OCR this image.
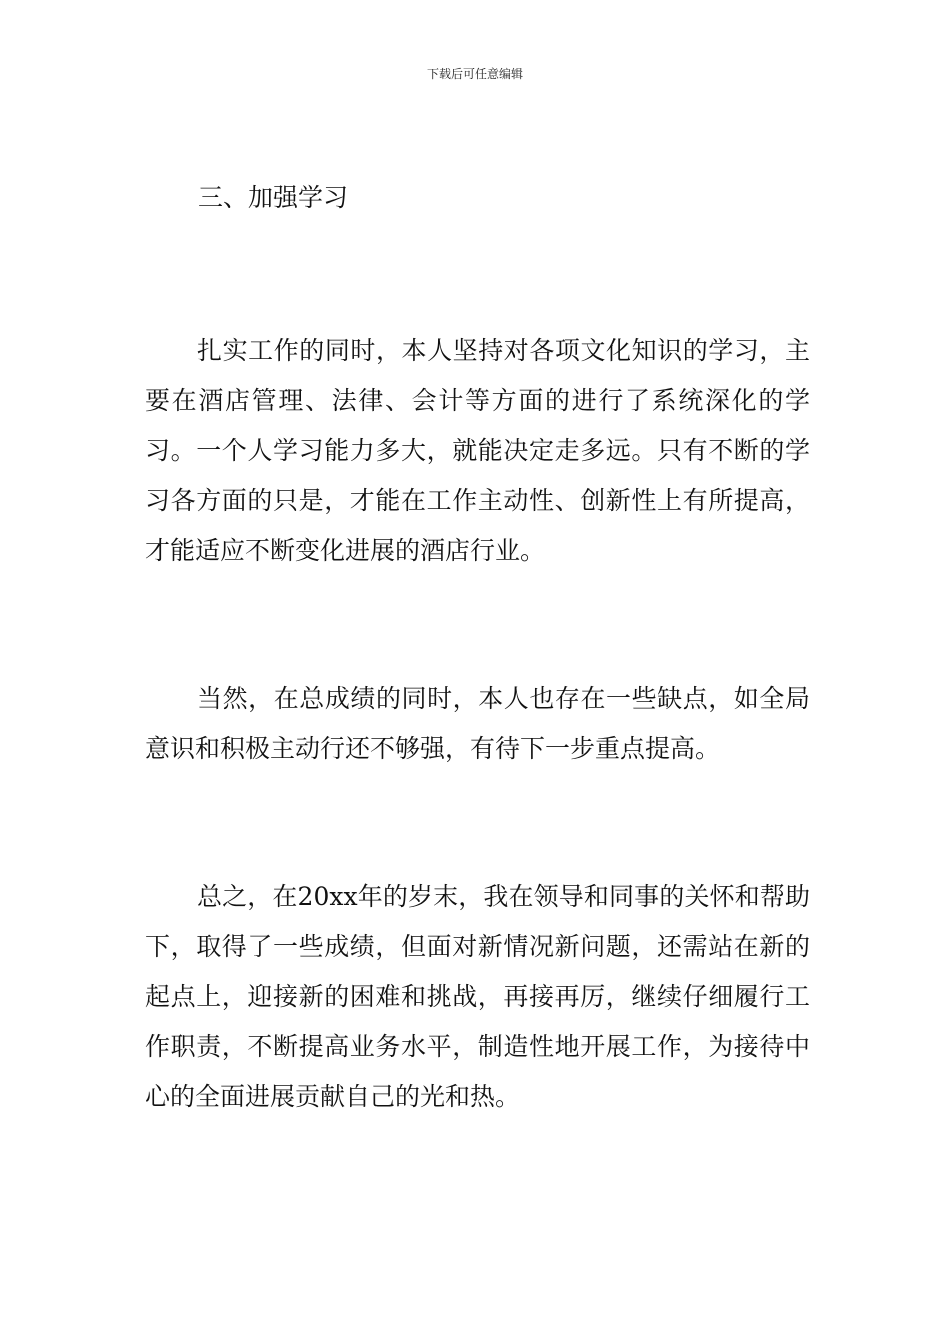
下载后可任意编辑
三、加强学习

扎实工作的同时，本人坚持对各项文化知识的学习，主要在酒店管理、法律、会计等方面的进行了系统深化的学习。一个人学习能力多大，就能决定走多远。只有不断的学习各方面的只是，才能在工作主动性、创新性上有所提高，才能适应不断变化进展的酒店行业。

当然，在总成绩的同时，本人也存在一些缺点，如全局意识和积极主动行还不够强，有待下一步重点提高。

总之，在20xx年的岁末，我在领导和同事的关怀和帮助下，取得了一些成绩，但面对新情况新问题，还需站在新的起点上，迎接新的困难和挑战，再接再厉，继续仔细履行工作职责，不断提高业务水平，制造性地开展工作，为接待中心的全面进展贡献自己的光和热。
